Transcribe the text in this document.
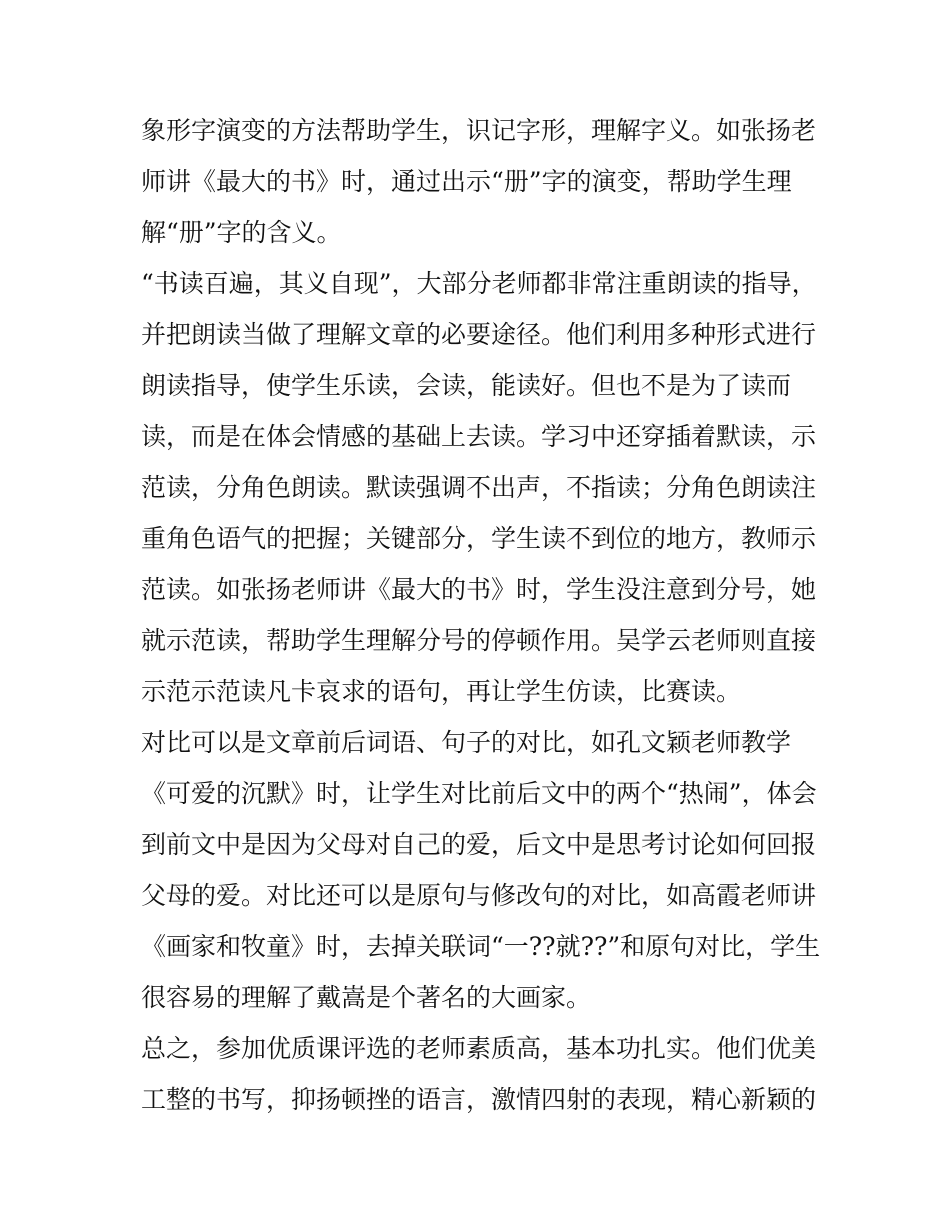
象形字演变的方法帮助学生，识记字形，理解字义。如张扬老
师讲《最大的书》时，通过出示“册”字的演变，帮助学生理
解“册”字的含义。
“书读百遍，其义自现”，大部分老师都非常注重朗读的指导，
并把朗读当做了理解文章的必要途径。他们利用多种形式进行
朗读指导，使学生乐读，会读，能读好。但也不是为了读而
读，而是在体会情感的基础上去读。学习中还穿插着默读，示
范读，分角色朗读。默读强调不出声，不指读；分角色朗读注
重角色语气的把握；关键部分，学生读不到位的地方，教师示
范读。如张扬老师讲《最大的书》时，学生没注意到分号，她
就示范读，帮助学生理解分号的停顿作用。吴学云老师则直接
示范示范读凡卡哀求的语句，再让学生仿读，比赛读。
对比可以是文章前后词语、句子的对比，如孔文颖老师教学
《可爱的沉默》时，让学生对比前后文中的两个“热闹”，体会
到前文中是因为父母对自己的爱，后文中是思考讨论如何回报
父母的爱。对比还可以是原句与修改句的对比，如高霞老师讲
《画家和牧童》时，去掉关联词“一??就??”和原句对比，学生
很容易的理解了戴嵩是个著名的大画家。
总之，参加优质课评选的老师素质高，基本功扎实。他们优美
工整的书写，抑扬顿挫的语言，激情四射的表现，精心新颖的
